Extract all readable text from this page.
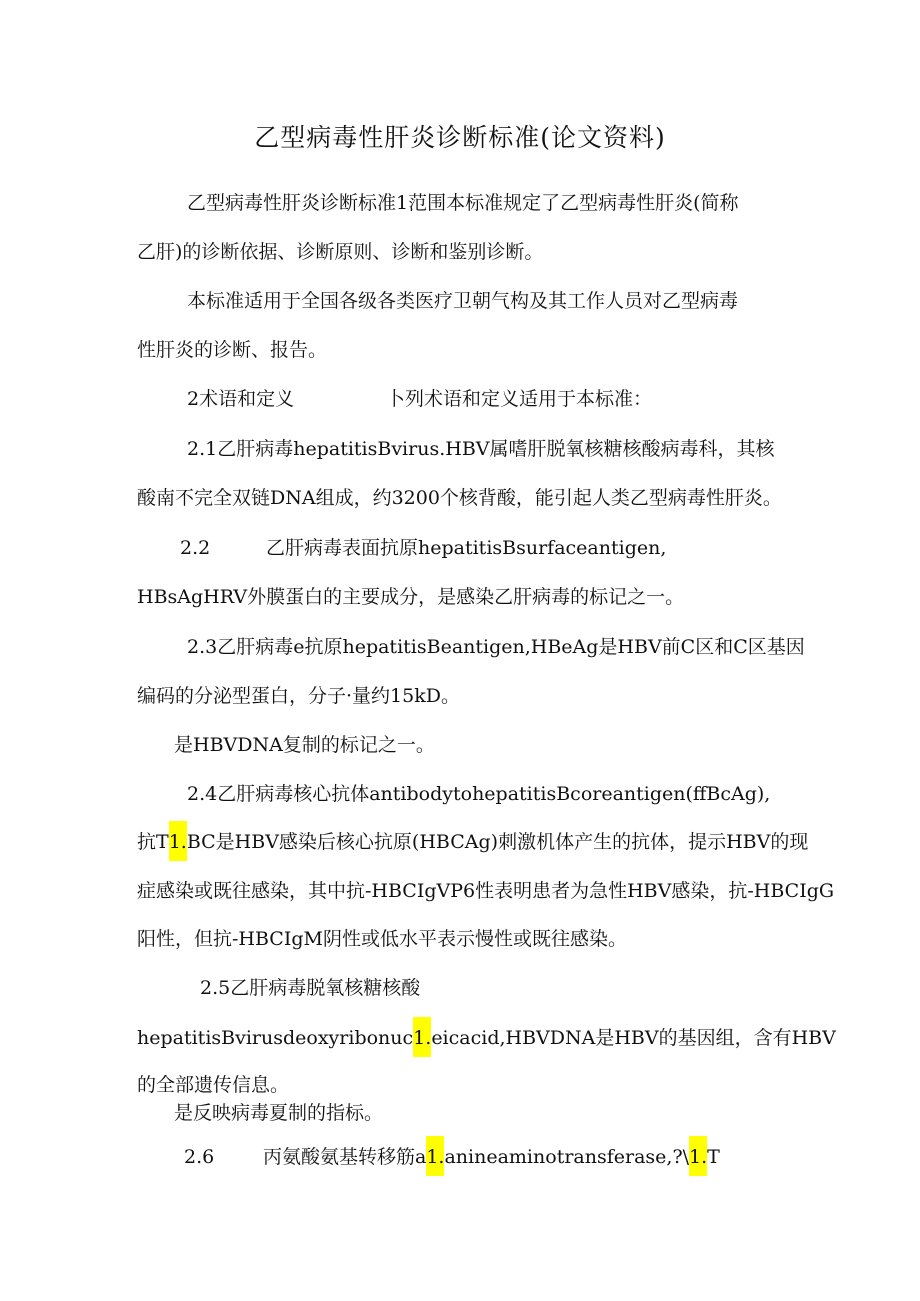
乙型病毒性肝炎诊断标准(论文资料)
乙型病毒性肝炎诊断标准1范围本标准规定了乙型病毒性肝炎(简称
乙肝)的诊断依据、诊断原则、诊断和鉴别诊断。
本标准适用于全国各级各类医疗卫朝气构及其工作人员对乙型病毒
性肝炎的诊断、报告。
2术语和定义	卜列术语和定义适用于本标准：
2.1乙肝病毒hepatitisBvirus.HBV属嗜肝脱氧核糖核酸病毒科，其核
酸南不完全双链DNA组成，约3200个核背酸，能引起人类乙型病毒性肝炎。
2.2	乙肝病毒表面抗原hepatitisBsurfaceantigen,
HBsAgHRV外膜蛋白的主要成分，是感染乙肝病毒的标记之一。
2.3乙肝病毒e抗原hepatitisBeantigen,HBeAg是HBV前C区和C区基因
编码的分泌型蛋白，分子·量约15kD。
是HBVDNA复制的标记之一。
2.4乙肝病毒核心抗体antibodytohepatitisBcoreantigen(ffBcAg),
抗T1.BC是HBV感染后核心抗原(HBCAg)刺激机体产生的抗体，提示HBV的现
症感染或既往感染，其中抗-HBCIgVP6性表明患者为急性HBV感染，抗-HBCIgG
阳性，但抗-HBCIgM阴性或低水平表示慢性或既往感染。
2.5乙肝病毒脱氧核糖核酸
hepatitisBvirusdeoxyribonuc1.eicacid,HBVDNA是HBV的基因组，含有HBV
的全部遗传信息。
是反映病毒夏制的指标。
2.6	丙氨酸氨基转移筋a1.anineaminotransferase,?\1.T
